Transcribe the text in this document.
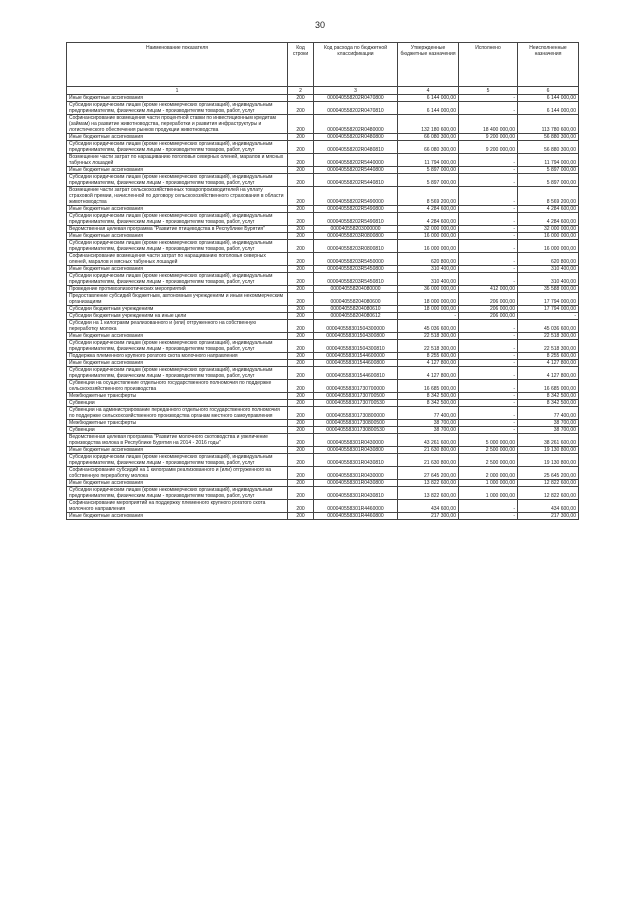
30
Наименование показателя	Код строки	Код расхода по бюджетной классификации	Утвержденные бюджетные назначения	Исполнено	Неисполненные назначения
1	2	3	4	5	6
Иные бюджетные ассигнования	200	000040558202R0470800	6 144 000,00	-	6 144 000,00
Субсидии юридическим лицам (кроме некоммерческих организаций), индивидуальным предпринимателям, физическим лицам - производителям товаров, работ, услуг	200	000040558202R0470810	6 144 000,00	-	6 144 000,00
Софинансирование возмещения части процентной ставки по инвестиционным кредитам (займам) на развитие животноводства, переработки и развития инфраструктуры и логистического обеспечения рынков продукции животноводства	200	000040558202R0480000	132 180 600,00	18 400 000,00	113 780 600,00
Иные бюджетные ассигнования	200	000040558202R0480800	66 080 300,00	9 200 000,00	56 880 300,00
Субсидии юридическим лицам (кроме некоммерческих организаций), индивидуальным предпринимателям, физическим лицам - производителям товаров, работ, услуг	200	000040558202R0480810	66 080 300,00	9 200 000,00	56 880 300,00
Возмещение части затрат по наращиванию поголовья северных оленей, маралов и мясных табунных лошадей	200	000040558202R5440000	11 794 000,00	-	11 794 000,00
Иные бюджетные ассигнования	200	000040558202R5440800	5 897 000,00	-	5 897 000,00
Субсидии юридическим лицам (кроме некоммерческих организаций), индивидуальным предпринимателям, физическим лицам - производителям товаров, работ, услуг	200	000040558202R5440810	5 897 000,00	-	5 897 000,00
Возмещение части затрат сельскохозяйственных товаропроизводителей на уплату страховой премии, начисленной по договору сельскохозяйственного страхования в области животноводства	200	000040558202R5490000	8 569 200,00	-	8 569 200,00
Иные бюджетные ассигнования	200	000040558202R5490800	4 284 600,00	-	4 284 600,00
Субсидии юридическим лицам (кроме некоммерческих организаций), индивидуальным предпринимателям, физическим лицам - производителям товаров, работ, услуг	200	000040558202R5490810	4 284 600,00	-	4 284 600,00
Ведомственная целевая программа "Развитие птицеводства в Республике Бурятия"	200	000040558203000000	32 000 000,00	-	32 000 000,00
Иные бюджетные ассигнования	200	000040558203R0800800	16 000 000,00	-	16 000 000,00
Субсидии юридическим лицам (кроме некоммерческих организаций), индивидуальным предпринимателям, физическим лицам - производителям товаров, работ, услуг	200	000040558203R0800810	16 000 000,00	-	16 000 000,00
Софинансирование возмещения части затрат по наращиванию поголовья северных оленей, маралов и мясных табунных лошадей	200	000040558203R5450000	620 800,00	-	620 800,00
Иные бюджетные ассигнования	200	000040558203R5450800	310 400,00	-	310 400,00
Субсидии юридическим лицам (кроме некоммерческих организаций), индивидуальным предпринимателям, физическим лицам - производителям товаров, работ, услуг	200	000040558203R5450810	310 400,00	-	310 400,00
Проведение противоэпизоотических мероприятий	200	000040558204080000	36 000 000,00	412 000,00	35 588 000,00
Предоставление субсидий бюджетным, автономным учреждениям и иным некоммерческим организациям	200	000040558204080600	18 000 000,00	206 000,00	17 794 000,00
Субсидии бюджетным учреждениям	200	000040558204080610	18 000 000,00	206 000,00	17 794 000,00
Субсидии бюджетным учреждениям на иные цели	200	000040558204080612	-	206 000,00	-
Субсидии на 1 килограмм реализованного и (или) отгруженного на собственную переработку молока	200	000040558301504300000	45 036 600,00	-	45 036 600,00
Иные бюджетные ассигнования	200	000040558301504300800	22 518 300,00	-	22 518 300,00
Субсидии юридическим лицам (кроме некоммерческих организаций), индивидуальным предпринимателям, физическим лицам - производителям товаров, работ, услуг	200	000040558301504300810	22 518 300,00	-	22 518 300,00
Поддержка племенного крупного рогатого скота молочного направления	200	000040558301544600000	8 255 600,00	-	8 255 600,00
Иные бюджетные ассигнования	200	000040558301544600800	4 127 800,00	-	4 127 800,00
Субсидии юридическим лицам (кроме некоммерческих организаций), индивидуальным предпринимателям, физическим лицам - производителям товаров, работ, услуг	200	000040558301544600810	4 127 800,00	-	4 127 800,00
Субвенции на осуществление отдельного государственного полномочия по поддержке сельскохозяйственного производства	200	000040558301730700000	16 685 000,00	-	16 685 000,00
Межбюджетные трансферты	200	000040558301730700500	8 342 500,00	-	8 342 500,00
Субвенции	200	000040558301730700530	8 342 500,00	-	8 342 500,00
Субвенции на администрирование переданного отдельного государственного полномочия по поддержке сельскохозяйственного производства органам местного самоуправления	200	000040558301730800000	77 400,00	-	77 400,00
Межбюджетные трансферты	200	000040558301730800500	38 700,00	-	38 700,00
Субвенции	200	000040558301730800530	38 700,00	-	38 700,00
Ведомственная целевая программа "Развитие молочного скотоводства и увеличение производства молока в Республике Бурятия на 2014 - 2016 годы"	200	000040558301R0430000	43 261 600,00	5 000 000,00	38 261 600,00
Иные бюджетные ассигнования	200	000040558301R0430800	21 630 800,00	2 500 000,00	19 130 800,00
Субсидии юридическим лицам (кроме некоммерческих организаций), индивидуальным предпринимателям, физическим лицам - производителям товаров, работ, услуг	200	000040558301R0430810	21 630 800,00	2 500 000,00	19 130 800,00
Софинансирование субсидий на 1 килограмм реализованного и (или) отгруженного на собственную переработку молока	200	000040558301R0430000	27 645 200,00	2 000 000,00	25 645 200,00
Иные бюджетные ассигнования	200	000040558301R0430800	13 822 600,00	1 000 000,00	12 822 600,00
Субсидии юридическим лицам (кроме некоммерческих организаций), индивидуальным предпринимателям, физическим лицам - производителям товаров, работ, услуг	200	000040558301R0430810	13 822 600,00	1 000 000,00	12 822 600,00
Софинансирование мероприятий на поддержку племенного крупного рогатого скота молочного направления	200	000040558301R4460000	434 600,00	-	434 600,00
Иные бюджетные ассигнования	200	000040558301R4460800	217 300,00	-	217 300,00
